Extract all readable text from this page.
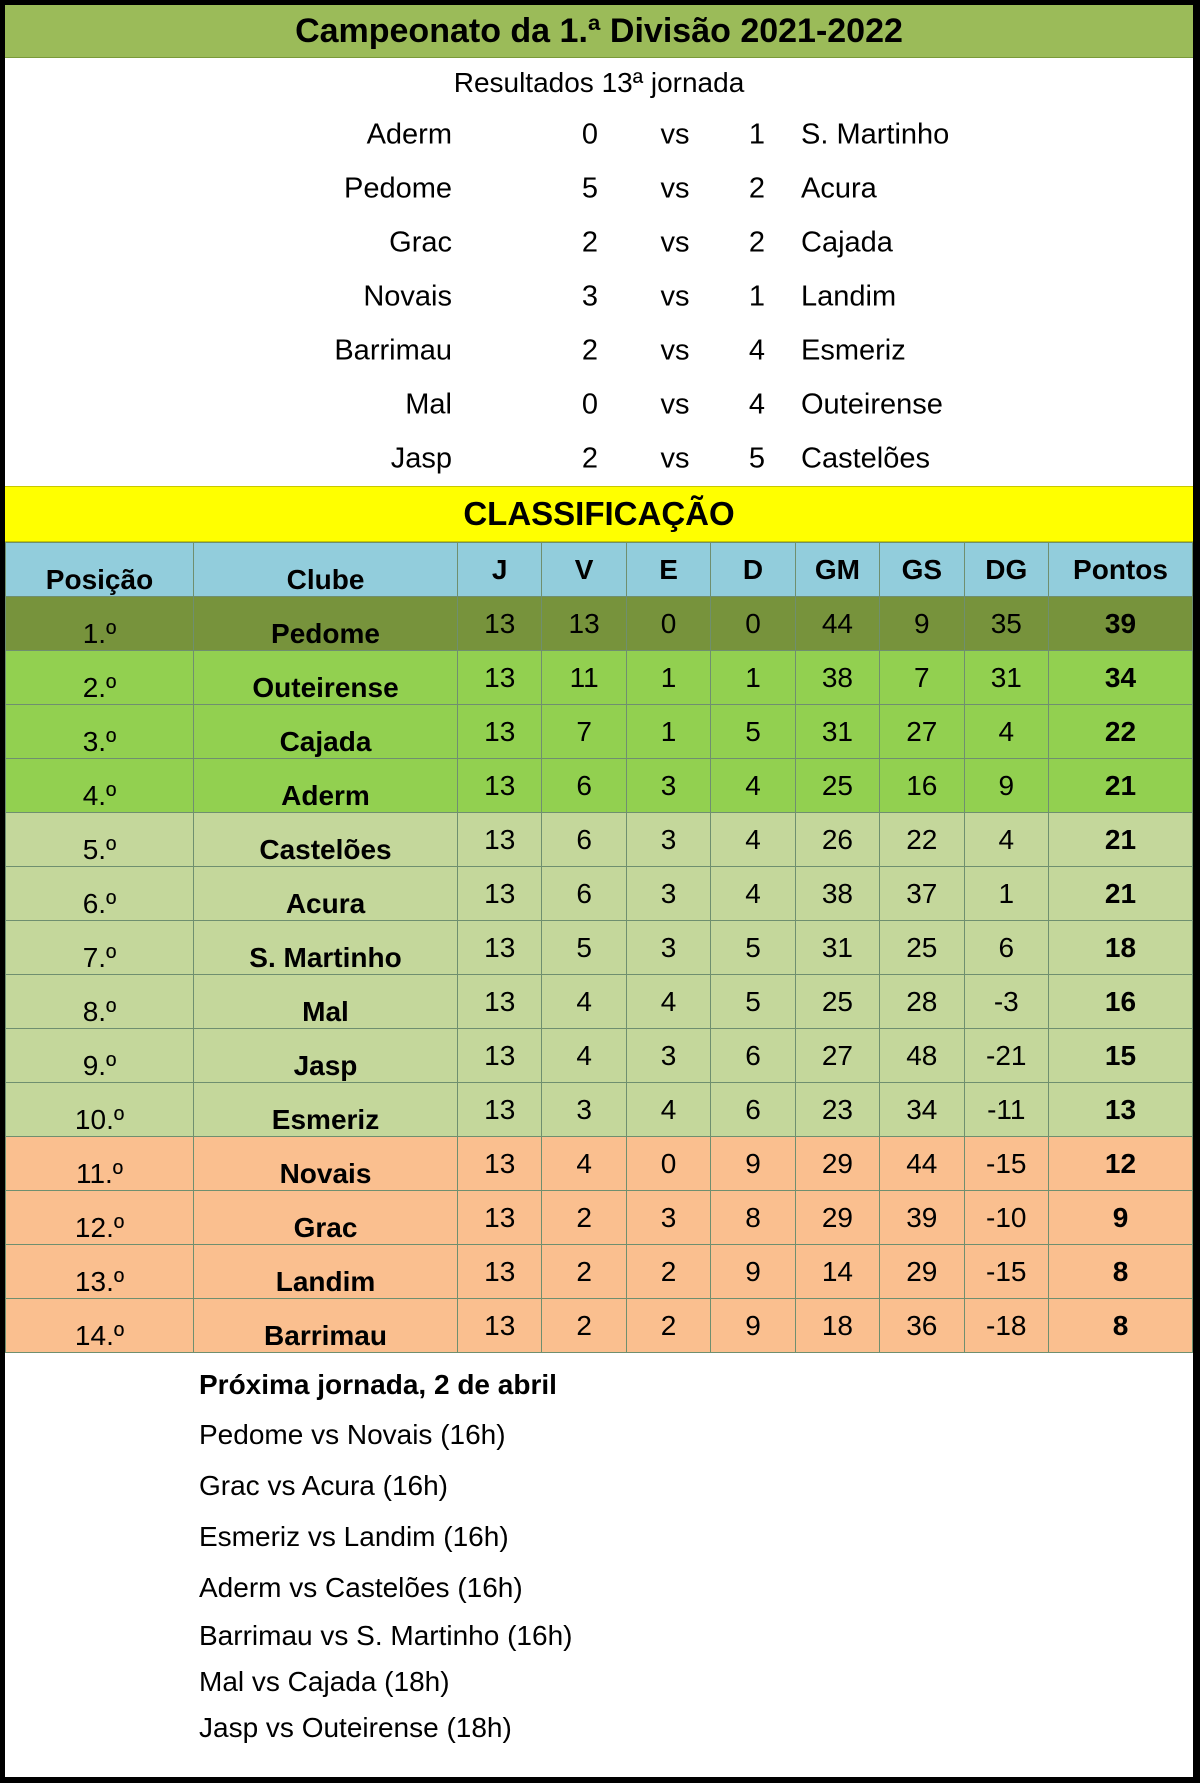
Campeonato da 1.ª Divisão 2021-2022
Resultados 13ª jornada
Aderm	0	vs	1	S. Martinho
Pedome	5	vs	2	Acura
Grac	2	vs	2	Cajada
Novais	3	vs	1	Landim
Barrimau	2	vs	4	Esmeriz
Mal	0	vs	4	Outeirense
Jasp	2	vs	5	Castelões
CLASSIFICAÇÃO
Posição	Clube	J	V	E	D	GM	GS	DG	Pontos
1.º	Pedome	13	13	0	0	44	9	35	39
2.º	Outeirense	13	11	1	1	38	7	31	34
3.º	Cajada	13	7	1	5	31	27	4	22
4.º	Aderm	13	6	3	4	25	16	9	21
5.º	Castelões	13	6	3	4	26	22	4	21
6.º	Acura	13	6	3	4	38	37	1	21
7.º	S. Martinho	13	5	3	5	31	25	6	18
8.º	Mal	13	4	4	5	25	28	-3	16
9.º	Jasp	13	4	3	6	27	48	-21	15
10.º	Esmeriz	13	3	4	6	23	34	-11	13
11.º	Novais	13	4	0	9	29	44	-15	12
12.º	Grac	13	2	3	8	29	39	-10	9
13.º	Landim	13	2	2	9	14	29	-15	8
14.º	Barrimau	13	2	2	9	18	36	-18	8
Próxima jornada, 2 de abril
Pedome vs Novais (16h)
Grac vs Acura (16h)
Esmeriz vs Landim (16h)
Aderm vs Castelões (16h)
Barrimau vs S. Martinho (16h)
Mal vs Cajada (18h)
Jasp vs Outeirense (18h)
